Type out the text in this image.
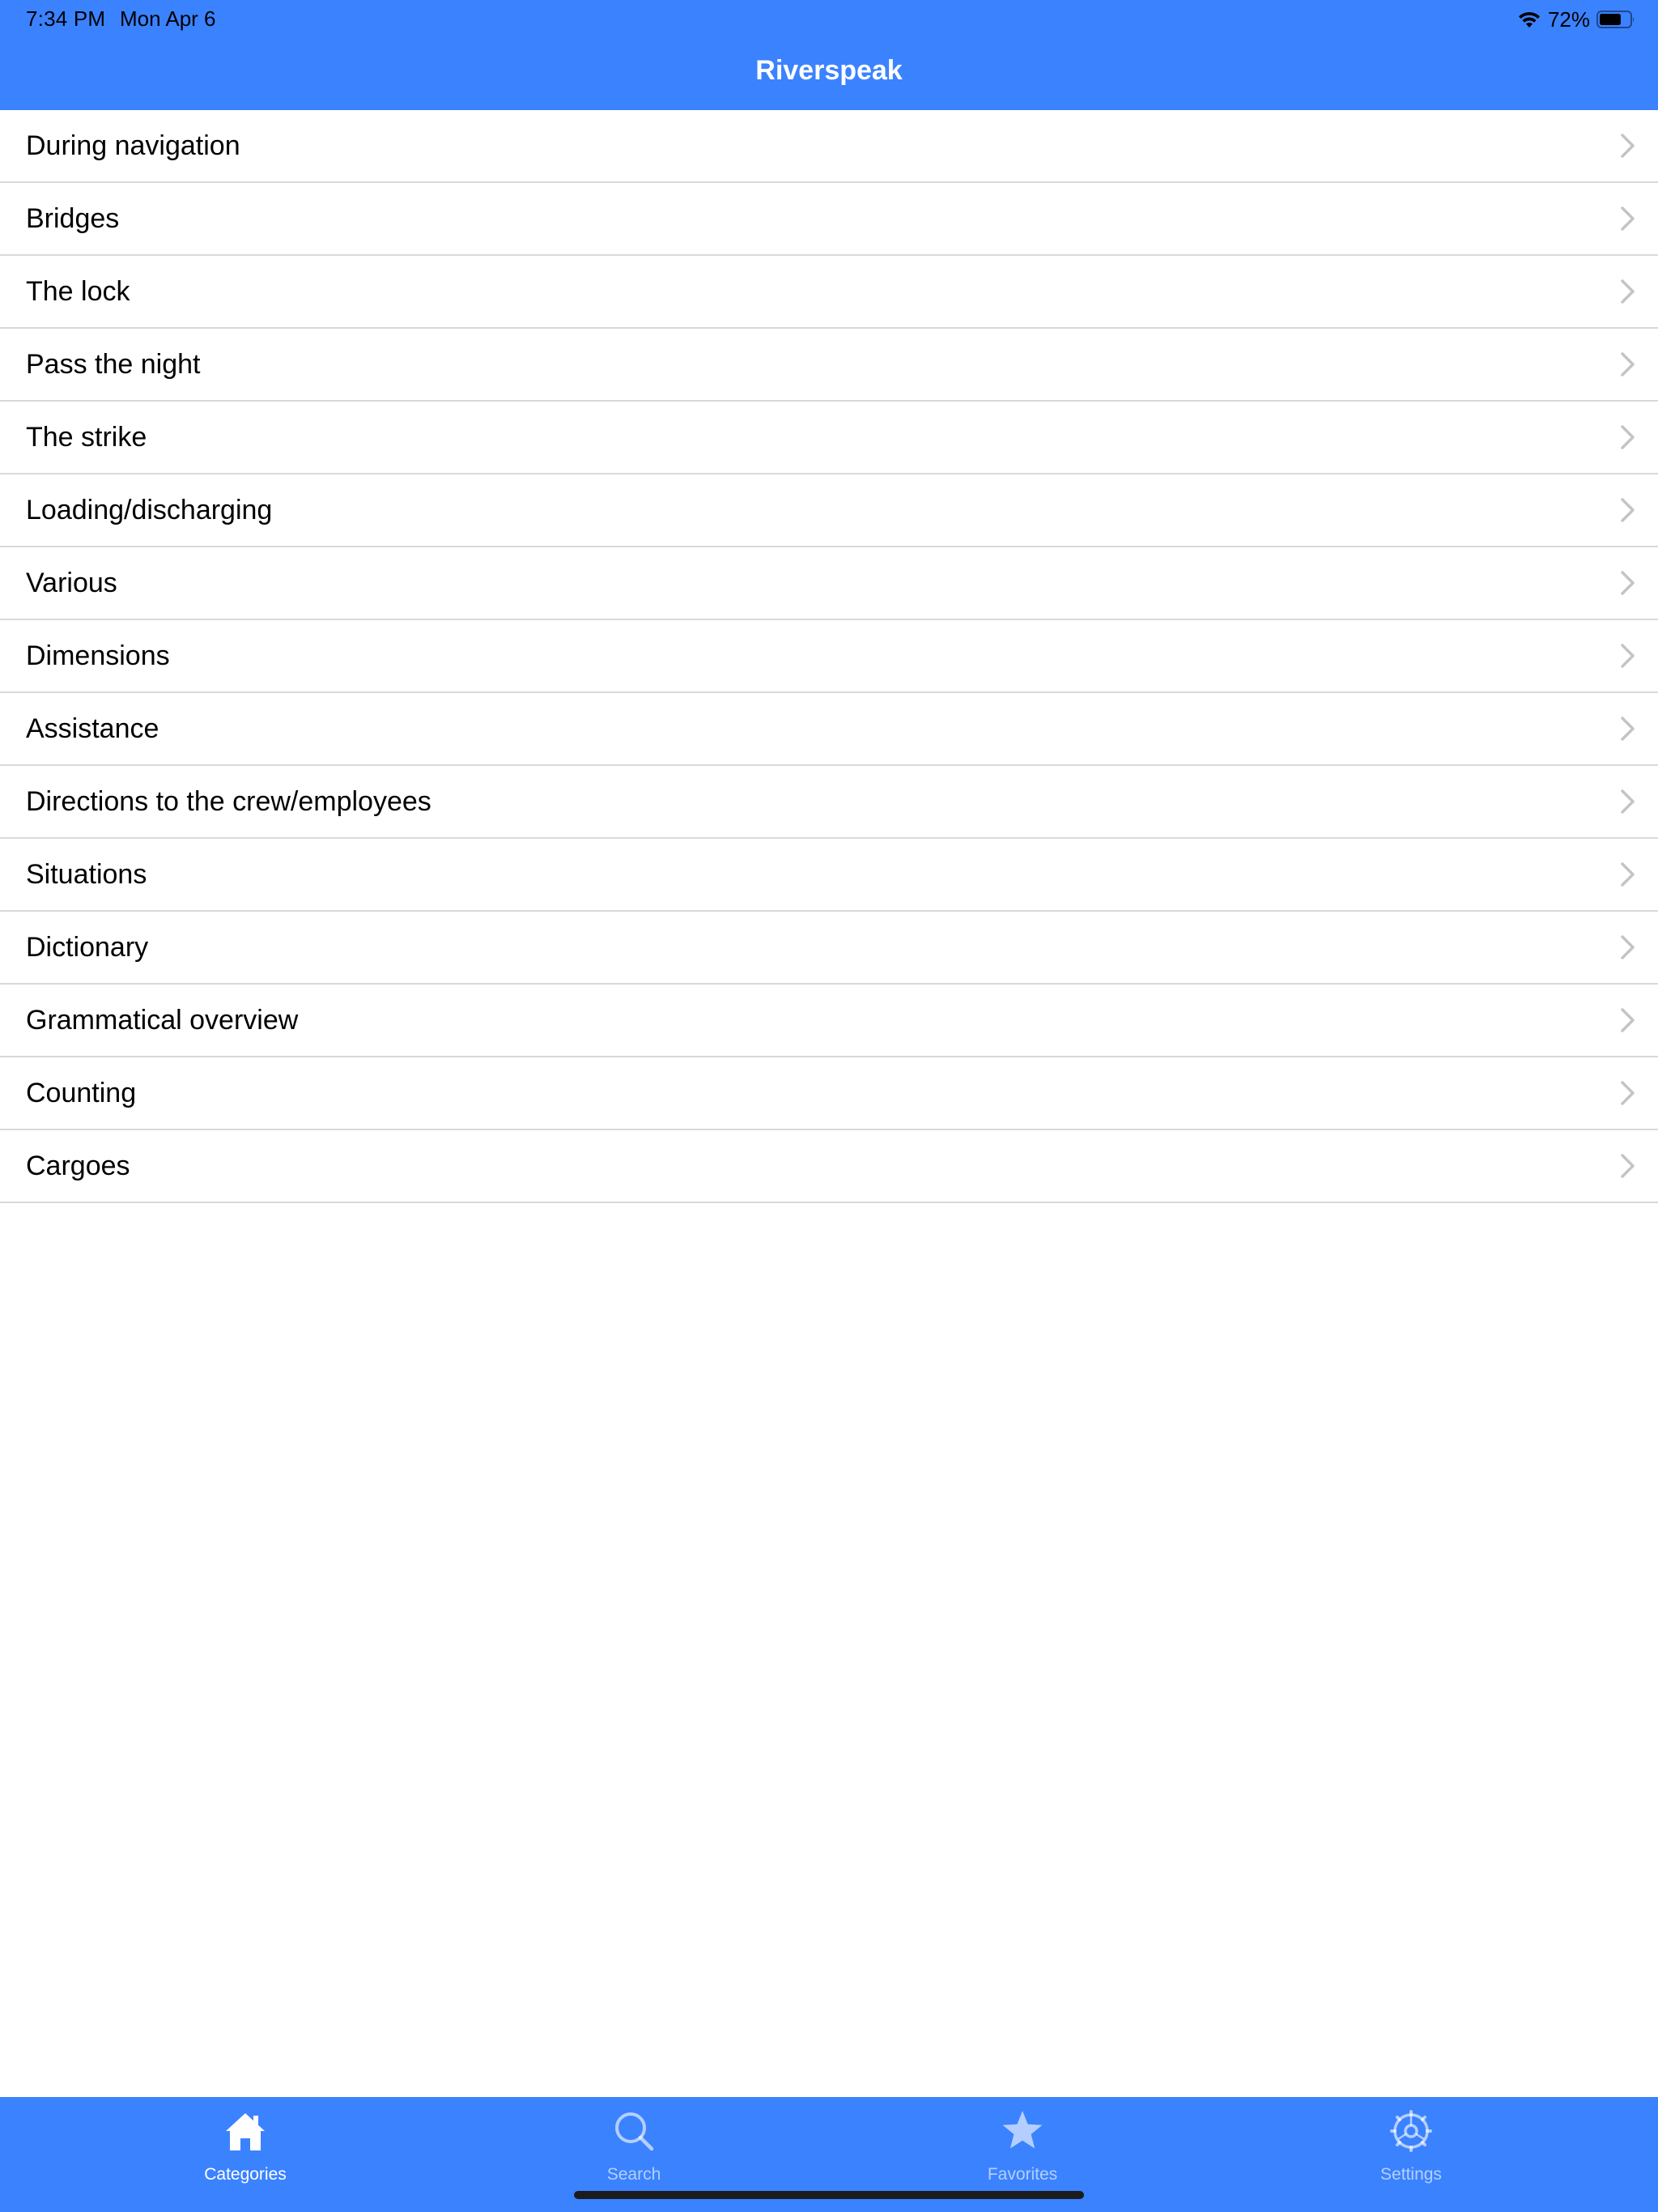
7:34 PM Mon Apr 6	72%
Riverspeak
During navigation
Bridges
The lock
Pass the night
The strike
Loading/discharging
Various
Dimensions
Assistance
Directions to the crew/employees
Situations
Dictionary
Grammatical overview
Counting
Cargoes
Categories	Search	Favorites	Settings
